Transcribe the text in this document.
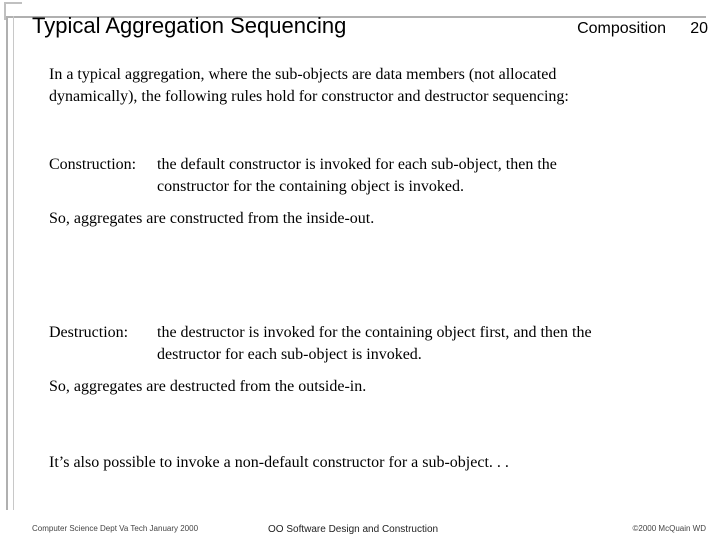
Typical Aggregation Sequencing	Composition 20
In a typical aggregation, where the sub-objects are data members (not allocated
dynamically), the following rules hold for constructor and destructor sequencing:
Construction: the default constructor is invoked for each sub-object, then the
constructor for the containing object is invoked.
So, aggregates are constructed from the inside-out.
Destruction: the destructor is invoked for the containing object first, and then the
destructor for each sub-object is invoked.
So, aggregates are destructed from the outside-in.
It’s also possible to invoke a non-default constructor for a sub-object. . .
Computer Science Dept Va Tech January 2000	OO Software Design and Construction	©2000 McQuain WD
